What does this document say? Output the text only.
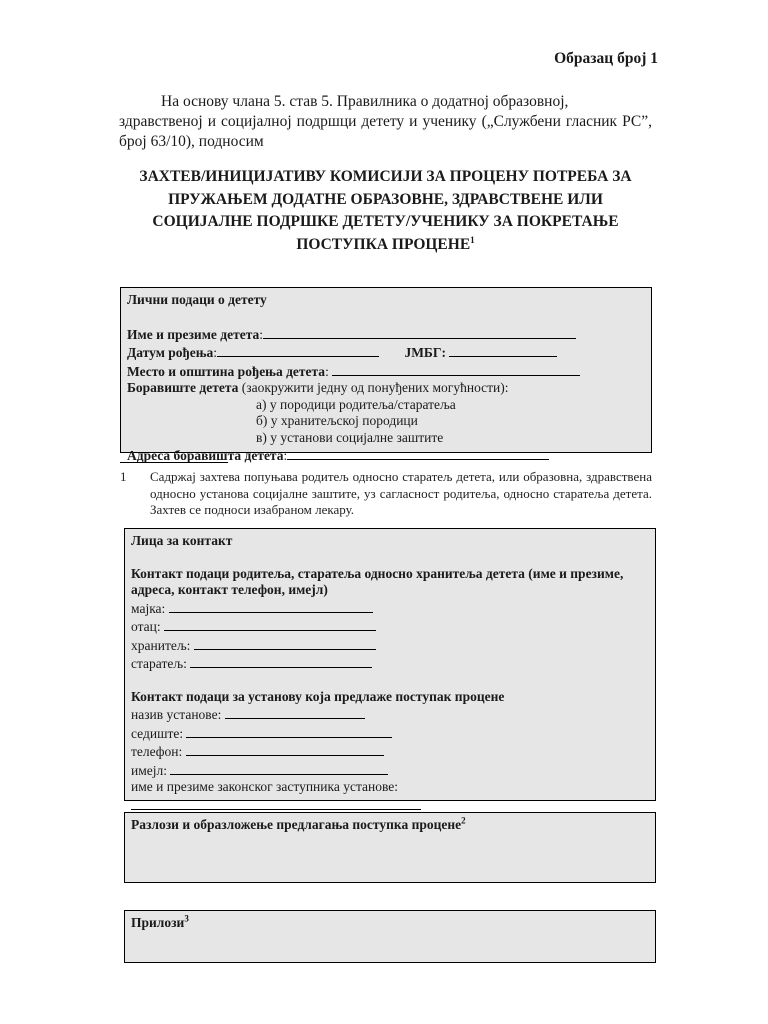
Образац број 1
На основу члана 5. став 5. Правилника о додатној образовној,
здравственој и социјалној подршци детету и ученику („Службени гласник РС”, број 63/10), подносим
ЗАХТЕВ/ИНИЦИЈАТИВУ КОМИСИЈИ ЗА ПРОЦЕНУ ПОТРЕБА ЗА ПРУЖАЊЕМ ДОДАТНЕ ОБРАЗОВНЕ, ЗДРАВСТВЕНЕ ИЛИ СОЦИЈАЛНЕ ПОДРШКЕ ДЕТЕТУ/УЧЕНИКУ ЗА ПОКРЕТАЊЕ ПОСТУПКА ПРОЦЕНЕ$^1$
Лични подаци о детету
Име и презиме детета:
Датум рођења:	ЈМБГ:
Место и општина рођења детета:
Боравиште детета (заокружити једну од понуђених могућности):
а) у породици родитеља/старатеља
б) у хранитељској породици
в) у установи социјалне заштите
Адреса боравишта детета:
1 Садржај захтева попуњава родитељ односно старатељ детета, или образовна, здравствена односно установа социјалне заштите, уз сагласност родитеља, односно старатеља детета. Захтев се подноси изабраном лекару.
Лица за контакт
Контакт подаци родитеља, старатеља односно хранитеља детета (име и презиме, адреса, контакт телефон, имејл)
мајка:
отац:
хранитељ:
старатељ:
Контакт подаци за установу која предлаже поступак процене
назив установе:
седиште:
телефон:
имејл:
име и презиме законског заступника установе:
Разлози и образложење предлагања поступка процене$^2$
Прилози$^3$
